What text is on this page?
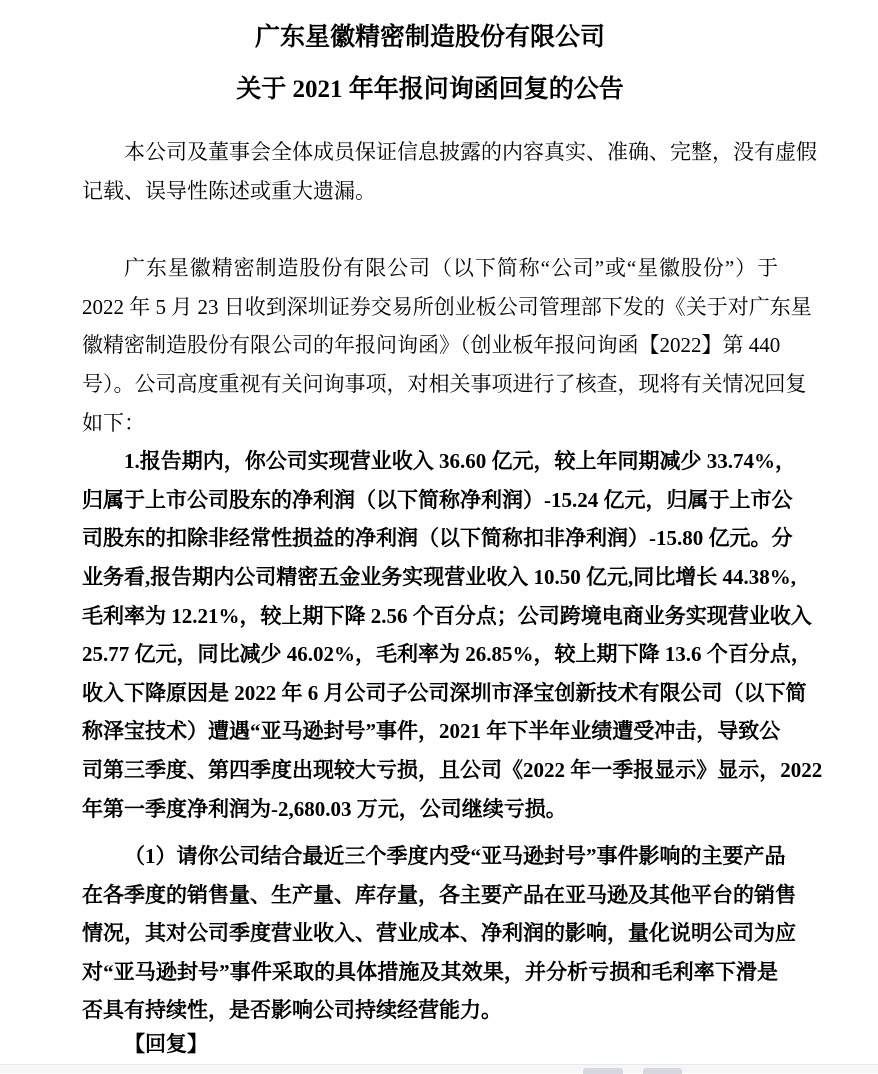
广东星徽精密制造股份有限公司
关于 2021 年年报问询函回复的公告
本公司及董事会全体成员保证信息披露的内容真实、准确、完整，没有虚假
记载、误导性陈述或重大遗漏。
广东星徽精密制造股份有限公司（以下简称“公司”或“星徽股份”）于
2022 年 5 月 23 日收到深圳证券交易所创业板公司管理部下发的《关于对广东星
徽精密制造股份有限公司的年报问询函》（创业板年报问询函【2022】第 440
号）。公司高度重视有关问询事项，对相关事项进行了核查，现将有关情况回复
如下：
1.报告期内，你公司实现营业收入 36.60 亿元，较上年同期减少 33.74%，
归属于上市公司股东的净利润（以下简称净利润）-15.24 亿元，归属于上市公
司股东的扣除非经常性损益的净利润（以下简称扣非净利润）-15.80 亿元。分
业务看,报告期内公司精密五金业务实现营业收入 10.50 亿元,同比增长 44.38%,
毛利率为 12.21%，较上期下降 2.56 个百分点；公司跨境电商业务实现营业收入
25.77 亿元，同比减少 46.02%，毛利率为 26.85%，较上期下降 13.6 个百分点，
收入下降原因是 2022 年 6 月公司子公司深圳市泽宝创新技术有限公司（以下简
称泽宝技术）遭遇“亚马逊封号”事件，2021 年下半年业绩遭受冲击，导致公
司第三季度、第四季度出现较大亏损，且公司《2022 年一季报显示》显示，2022
年第一季度净利润为-2,680.03 万元，公司继续亏损。
（1）请你公司结合最近三个季度内受“亚马逊封号”事件影响的主要产品
在各季度的销售量、生产量、库存量，各主要产品在亚马逊及其他平台的销售
情况，其对公司季度营业收入、营业成本、净利润的影响，量化说明公司为应
对“亚马逊封号”事件采取的具体措施及其效果，并分析亏损和毛利率下滑是
否具有持续性，是否影响公司持续经营能力。
【回复】
